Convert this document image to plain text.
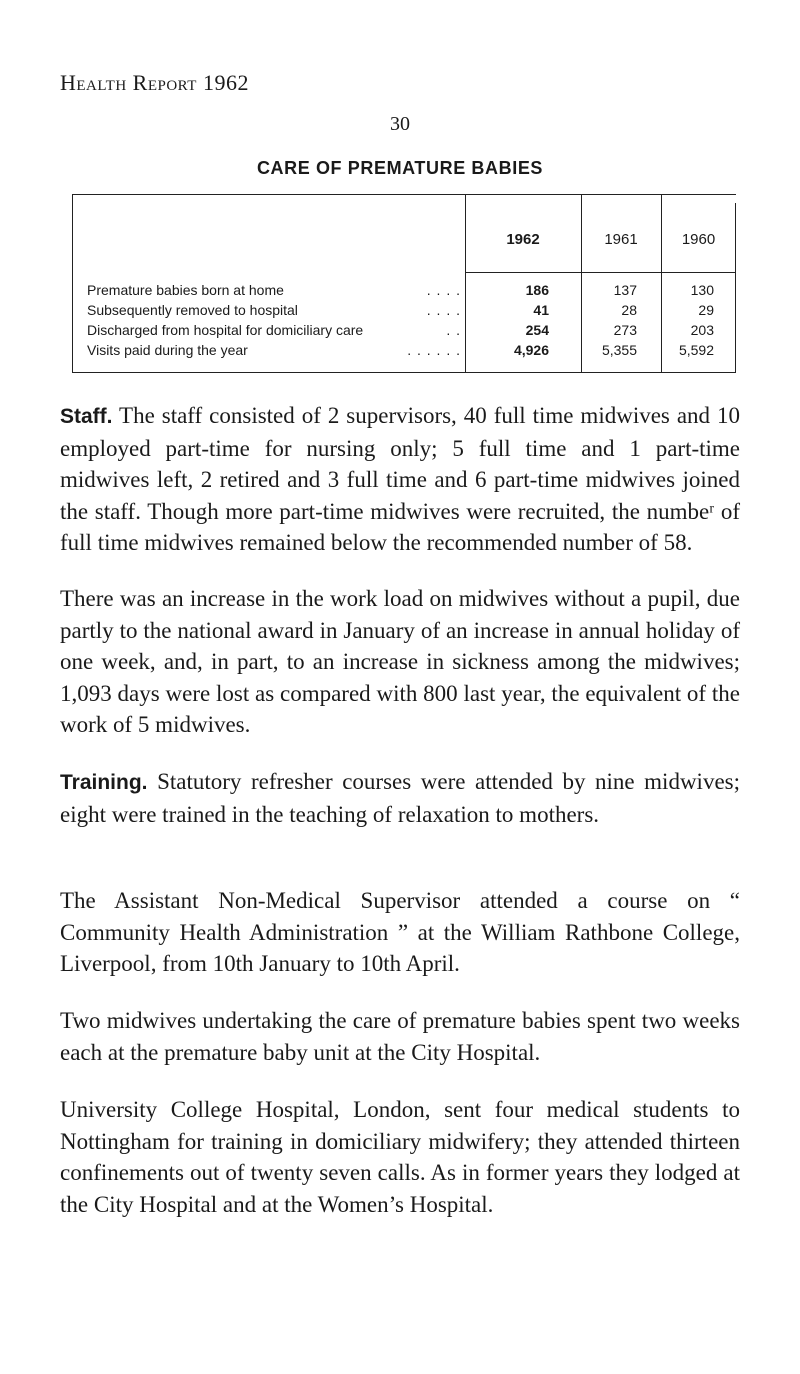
Health Report 1962
30
CARE OF PREMATURE BABIES
1962	1961	1960
Premature babies born at home	. . . .	186	137	130
Subsequently removed to hospital	. . . .	41	28	29
Discharged from hospital for domiciliary care	. .	254	273	203
Visits paid during the year	. . . . . .	4,926	5,355	5,592

Staff. The staff consisted of 2 supervisors, 40 full time midwives and 10 employed part-time for nursing only; 5 full time and 1 part-time midwives left, 2 retired and 3 full time and 6 part-time midwives joined the staff. Though more part-time midwives were recruited, the numbeʳ of full time midwives remained below the recommended number of 58.

There was an increase in the work load on midwives without a pupil, due partly to the national award in January of an increase in annual holiday of one week, and, in part, to an increase in sickness among the midwives; 1,093 days were lost as compared with 800 last year, the equivalent of the work of 5 midwives.

Training. Statutory refresher courses were attended by nine midwives; eight were trained in the teaching of relaxation to mothers.

The Assistant Non-Medical Supervisor attended a course on “ Community Health Administration ” at the William Rathbone College, Liverpool, from 10th January to 10th April.

Two midwives undertaking the care of premature babies spent two weeks each at the premature baby unit at the City Hospital.

University College Hospital, London, sent four medical students to Nottingham for training in domiciliary midwifery; they attended thirteen confinements out of twenty seven calls. As in former years they lodged at the City Hospital and at the Women’s Hospital.
